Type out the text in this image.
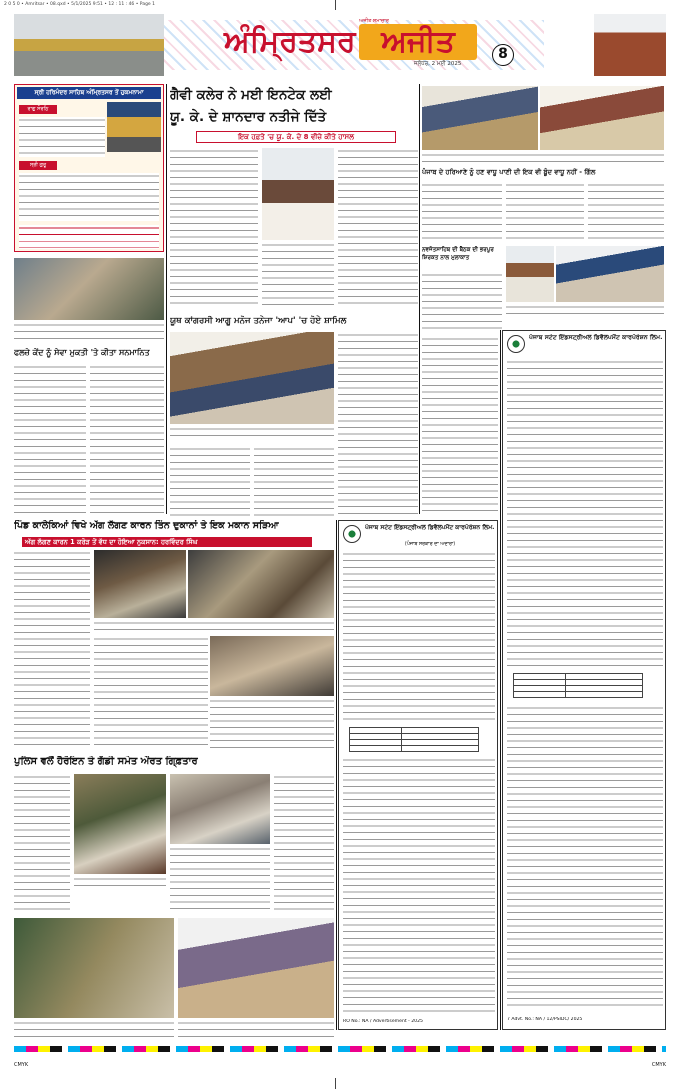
2 0 5 0 • Amritsar • 08.qxd • 5/1/2025 9:51 • 12 : 11 : 46 • Page 1
ਅਜੀਤ ਸਮਾਚਾਰ
ਅੰਮ੍ਰਿਤਸਰ ਅਜੀਤ
ਜਲੰਧਰ, 2 ਮਈ 2025
8
ਸ੍ਰੀ ਹਰਿਮੰਦਰ ਸਾਹਿਬ ਅੰਮ੍ਰਿਤਸਰ ਤੋਂ ਹੁਕਮਨਾਮਾ
ਰਾਗੁ ਸੋਰਠਿ
ਸ੍ਰੀ ਗੁਰੂ
ਫਲਜ਼ੇ ਕੇਂਦ ਨੂੰ ਸੇਵਾ ਮੁਕਤੀ 'ਤੇ ਕੀਤਾ ਸਨਮਾਨਿਤ
ਪਿੰਡ ਕਾਲੇਕਿਆਂ ਵਿਖੇ ਅੱਗ ਲੱਗਣ ਕਾਰਨ ਤਿੰਨ ਦੁਕਾਨਾਂ ਤੇ ਇਕ ਮਕਾਨ ਸੜਿਆ
ਅੱਗ ਲੱਗਣ ਕਾਰਨ 1 ਕਰੋੜ ਤੋਂ ਵੱਧ ਦਾ ਹੋਇਆ ਨੁਕਸਾਨ: ਹਰਵਿੰਦਰ ਸਿੰਘ
ਪੁਲਿਸ ਵਲੋਂ ਹੈਰੋਇਨ ਤੇ ਗੱਡੀ ਸਮੇਤ ਔਰਤ ਗਿ੍ਫ਼ਤਾਰ
ਗੈਵੀ ਕਲੇਰ ਨੇ ਮਈ ਇਨਟੇਕ ਲਈ
ਯੂ. ਕੇ. ਦੇ ਸ਼ਾਨਦਾਰ ਨਤੀਜੇ ਦਿੱਤੇ
ਇਕ ਹਫ਼ਤੇ 'ਚ ਯੂ. ਕੇ. ਦੇ 8 ਵੀਜ਼ੇ ਕੀਤੇ ਹਾਸਲ
ਯੂਥ ਕਾਂਗਰਸੀ ਆਗੂ ਮਨੋਜ ਤਨੇਜਾ 'ਆਪ' 'ਚ ਹੋਏ ਸ਼ਾਮਿਲ
ਪੰਜਾਬ ਸਟੇਟ ਇੰਡਸਟ੍ਰੀਅਲ ਡਿਵੈਲਪਮੈਂਟ ਕਾਰਪੋਰੇਸ਼ਨ ਲਿਮ.
(ਪੰਜਾਬ ਸਰਕਾਰ ਦਾ ਅਦਾਰਾ)

RO No.: NA / Advertisement - 2025
ਪੰਜਾਬ ਦੇ ਹਰਿਆਣੇ ਨੂੰ ਹਣ ਵਾਧੂ ਪਾਣੀ ਦੀ ਇਕ ਵੀ ਬੂੰਦ ਵਾਧੂ ਨਹੀਂ - ਗਿੱਲ
ਨਵਜੋਤਸਾਹਿਬ ਦੀ ਬੈਠਕ ਦੀ ਭਰਪੂਰ ਸ਼ਿਰਕਤ ਨਾਲ ਮੁਲਾਕਾਤ
ਪੰਜਾਬ ਸਟੇਟ ਇੰਡਸਟ੍ਰੀਅਲ ਡਿਵੈਲਪਮੈਂਟ ਕਾਰਪੋਰੇਸ਼ਨ ਲਿਮ.

7 Advt. No.: NA / 12/PSIDC/ 2025
CMYK	CMYK
